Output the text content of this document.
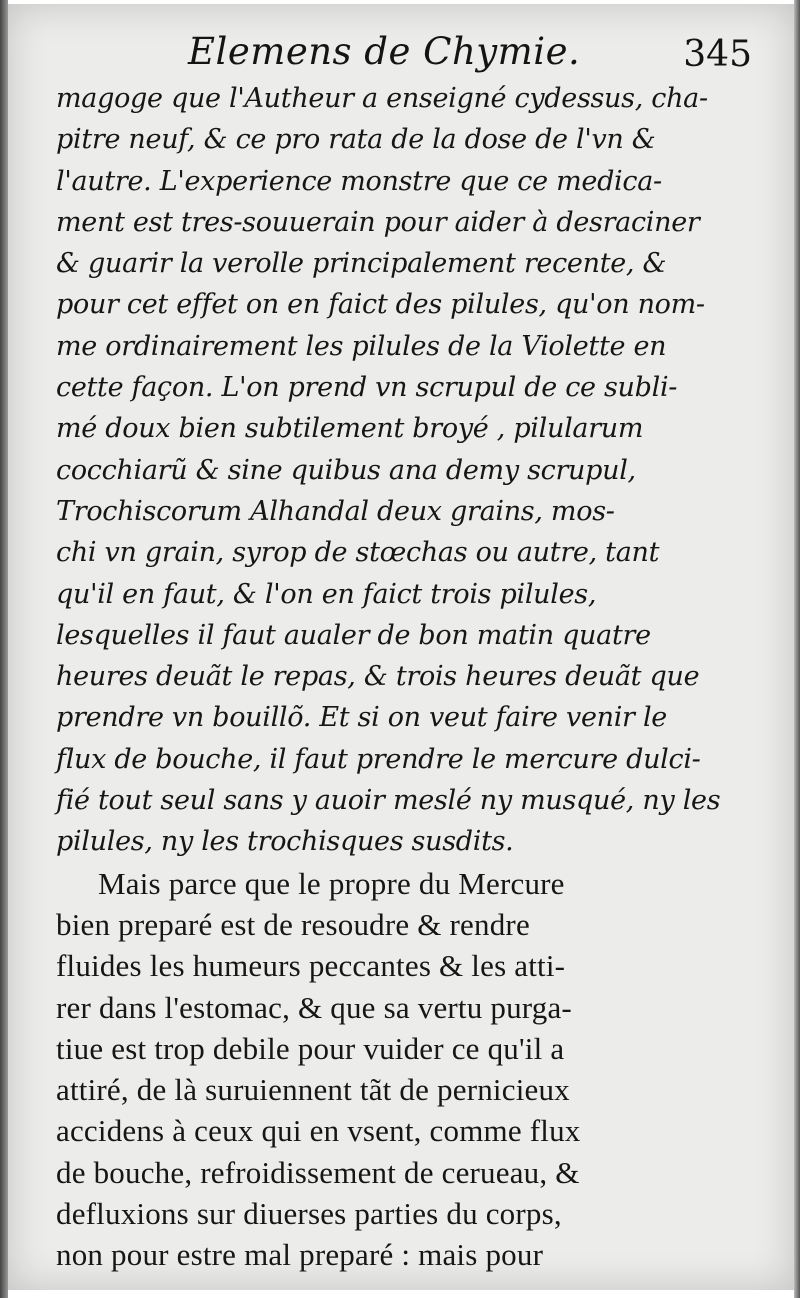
Elemens de Chymie.	345
magoge que l'Autheur a enseigné cydessus, cha-
pitre neuf, & ce pro rata de la dose de l'vn &
l'autre. L'experience monstre que ce medica-
ment est tres-souuerain pour aider à desraciner
& guarir la verolle principalement recente, &
pour cet effet on en faict des pilules, qu'on nom-
me ordinairement les pilules de la Violette en
cette façon. L'on prend vn scrupul de ce subli-
mé doux bien subtilement broyé , pilularum
cocchiarũ & sine quibus ana demy scrupul,
Trochiscorum Alhandal deux grains, mos-
chi vn grain, syrop de stœchas ou autre, tant
qu'il en faut, & l'on en faict trois pilules,
lesquelles il faut aualer de bon matin quatre
heures deuãt le repas, & trois heures deuãt que
prendre vn bouillõ. Et si on veut faire venir le
flux de bouche, il faut prendre le mercure dulci-
fié tout seul sans y auoir meslé ny musqué, ny les
pilules, ny les trochisques susdits.
Mais parce que le propre du Mercure
bien preparé est de resoudre & rendre
fluides les humeurs peccantes & les atti-
rer dans l'estomac, & que sa vertu purga-
tiue est trop debile pour vuider ce qu'il a
attiré, de là suruiennent tãt de pernicieux
accidens à ceux qui en vsent, comme flux
de bouche, refroidissement de cerueau, &
defluxions sur diuerses parties du corps,
non pour estre mal preparé : mais pour
